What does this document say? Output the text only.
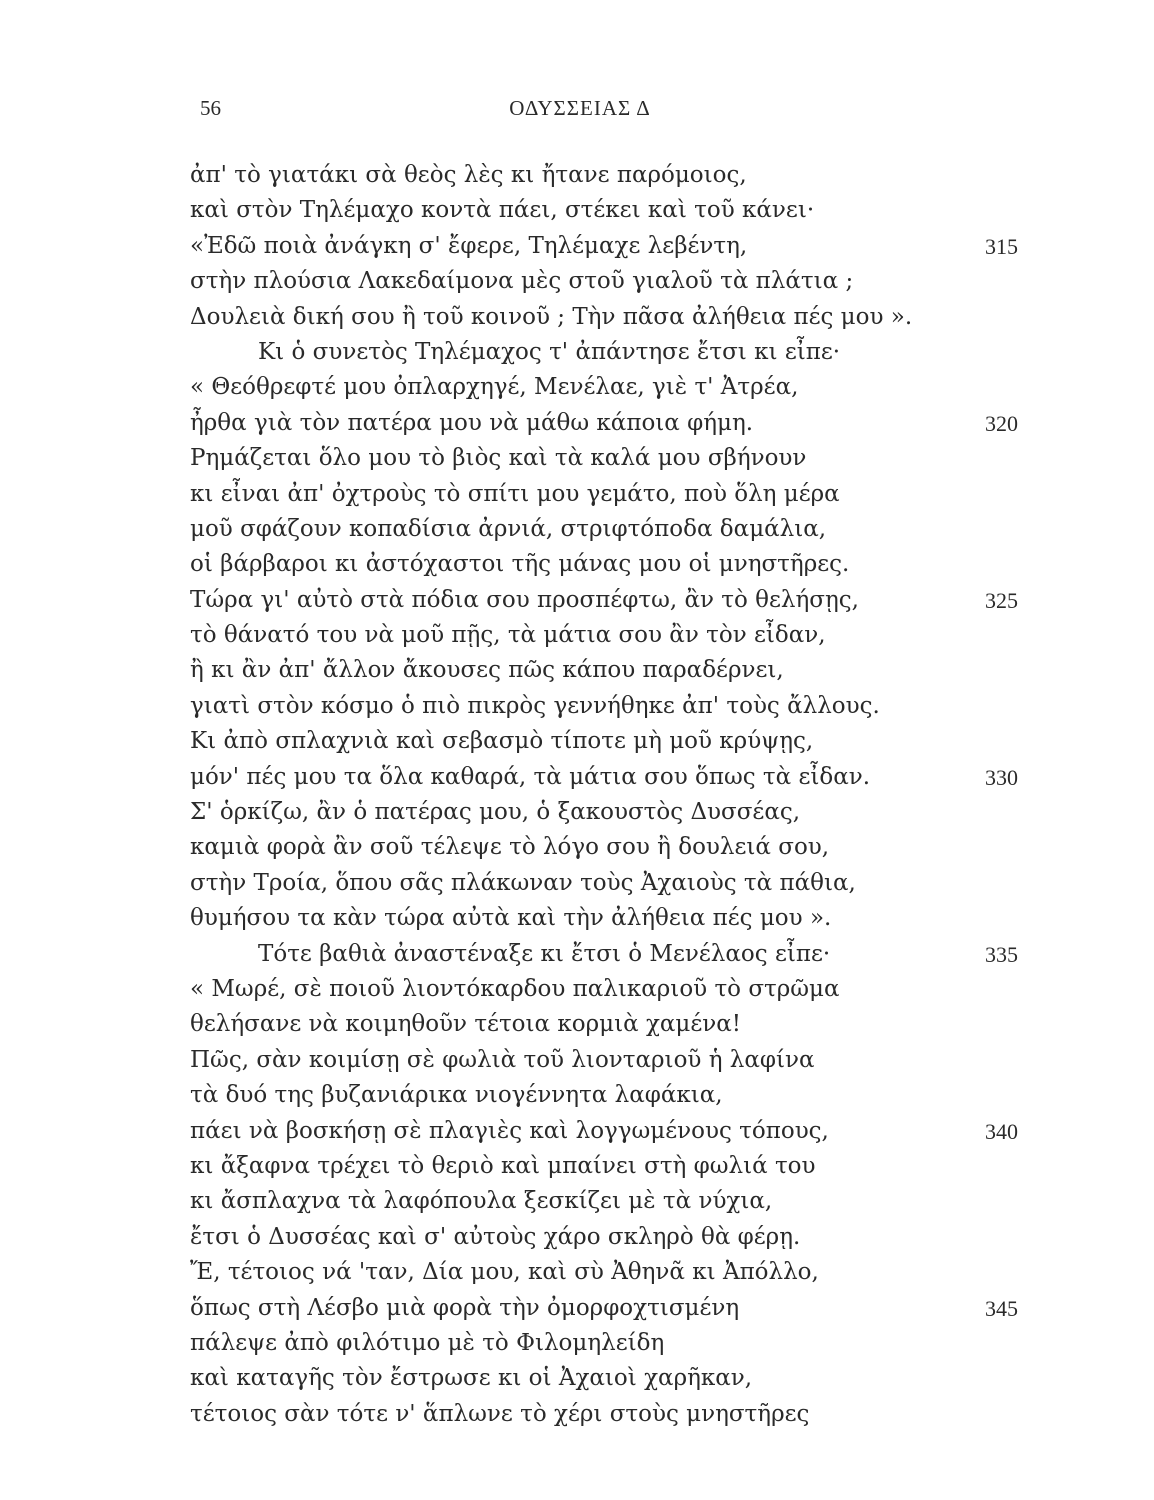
56	ΟΔΥΣΣΕΙΑΣ Δ
ἀπ' τὸ γιατάκι σὰ θεὸς λὲς κι ἤτανε παρόμοιος,
καὶ στὸν Τηλέμαχο κοντὰ πάει, στέκει καὶ τοῦ κάνει·
«Ἐδῶ ποιὰ ἀνάγκη σ' ἔφερε, Τηλέμαχε λεβέντη,	315
στὴν πλούσια Λακεδαίμονα μὲς στοῦ γιαλοῦ τὰ πλάτια ;
Δουλειὰ δική σου ἢ τοῦ κοινοῦ ; Τὴν πᾶσα ἀλήθεια πές μου ».
Κι ὁ συνετὸς Τηλέμαχος τ' ἀπάντησε ἔτσι κι εἶπε·
« Θεόθρεφτέ μου ὀπλαρχηγέ, Μενέλαε, γιὲ τ' Ἀτρέα,
ἦρθα γιὰ τὸν πατέρα μου νὰ μάθω κάποια φήμη.	320
Ρημάζεται ὅλο μου τὸ βιὸς καὶ τὰ καλά μου σβήνουν
κι εἶναι ἀπ' ὀχτροὺς τὸ σπίτι μου γεμάτο, ποὺ ὅλη μέρα
μοῦ σφάζουν κοπαδίσια ἀρνιά, στριφτόποδα δαμάλια,
οἱ βάρβαροι κι ἀστόχαστοι τῆς μάνας μου οἱ μνηστῆρες.
Τώρα γι' αὐτὸ στὰ πόδια σου προσπέφτω, ἂν τὸ θελήσῃς,	325
τὸ θάνατό του νὰ μοῦ πῇς, τὰ μάτια σου ἂν τὸν εἶδαν,
ἢ κι ἂν ἀπ' ἄλλον ἄκουσες πῶς κάπου παραδέρνει,
γιατὶ στὸν κόσμο ὁ πιὸ πικρὸς γεννήθηκε ἀπ' τοὺς ἄλλους.
Κι ἀπὸ σπλαχνιὰ καὶ σεβασμὸ τίποτε μὴ μοῦ κρύψῃς,
μόν' πές μου τα ὅλα καθαρά, τὰ μάτια σου ὅπως τὰ εἶδαν.	330
Σ' ὁρκίζω, ἂν ὁ πατέρας μου, ὁ ξακουστὸς Δυσσέας,
καμιὰ φορὰ ἂν σοῦ τέλεψε τὸ λόγο σου ἢ δουλειά σου,
στὴν Τροία, ὅπου σᾶς πλάκωναν τοὺς Ἀχαιοὺς τὰ πάθια,
θυμήσου τα κὰν τώρα αὐτὰ καὶ τὴν ἀλήθεια πές μου ».
Τότε βαθιὰ ἀναστέναξε κι ἔτσι ὁ Μενέλαος εἶπε·	335
« Μωρέ, σὲ ποιοῦ λιοντόκαρδου παλικαριοῦ τὸ στρῶμα
θελήσανε νὰ κοιμηθοῦν τέτοια κορμιὰ χαμένα!
Πῶς, σὰν κοιμίσῃ σὲ φωλιὰ τοῦ λιονταριοῦ ἡ λαφίνα
τὰ δυό της βυζανιάρικα νιογέννητα λαφάκια,
πάει νὰ βοσκήσῃ σὲ πλαγιὲς καὶ λογγωμένους τόπους,	340
κι ἄξαφνα τρέχει τὸ θεριὸ καὶ μπαίνει στὴ φωλιά του
κι ἄσπλαχνα τὰ λαφόπουλα ξεσκίζει μὲ τὰ νύχια,
ἔτσι ὁ Δυσσέας καὶ σ' αὐτοὺς χάρο σκληρὸ θὰ φέρῃ.
Ἔ, τέτοιος νά 'ταν, Δία μου, καὶ σὺ Ἀθηνᾶ κι Ἀπόλλο,
ὅπως στὴ Λέσβο μιὰ φορὰ τὴν ὀμορφοχτισμένη	345
πάλεψε ἀπὸ φιλότιμο μὲ τὸ Φιλομηλείδη
καὶ καταγῆς τὸν ἔστρωσε κι οἱ Ἀχαιοὶ χαρῆκαν,
τέτοιος σὰν τότε ν' ἅπλωνε τὸ χέρι στοὺς μνηστῆρες
